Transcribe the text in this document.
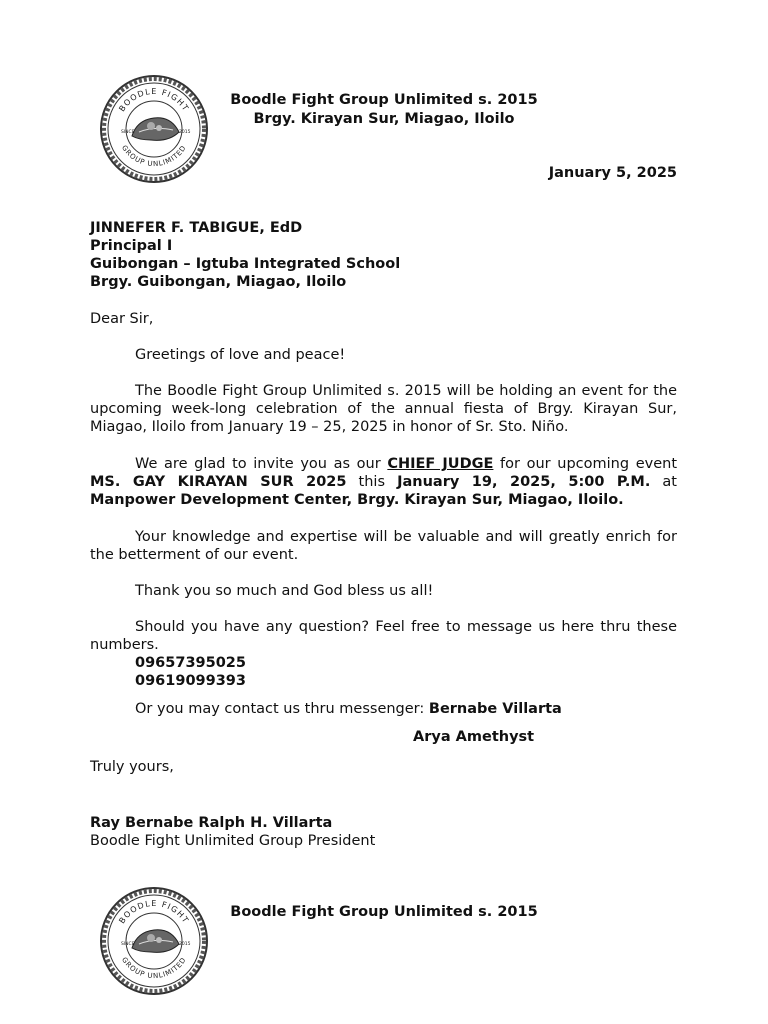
BOODLE FIGHT
GROUP UNLIMITED
SINCE	2015
Boodle Fight Group Unlimited s. 2015
Brgy. Kirayan Sur, Miagao, Iloilo
January 5, 2025
JINNEFER F. TABIGUE, EdD
Principal I
Guibongan – Igtuba Integrated School
Brgy. Guibongan, Miagao, Iloilo
Dear Sir,

Greetings of love and peace!

The Boodle Fight Group Unlimited s. 2015 will be holding an event for the upcoming week-long celebration of the annual fiesta of Brgy. Kirayan Sur, Miagao, Iloilo from January 19 – 25, 2025 in honor of Sr. Sto. Niño.

We are glad to invite you as our CHIEF JUDGE for our upcoming event MS. GAY KIRAYAN SUR 2025 this January 19, 2025, 5:00 P.M. at Manpower Development Center, Brgy. Kirayan Sur, Miagao, Iloilo.

Your knowledge and expertise will be valuable and will greatly enrich for the betterment of our event.

Thank you so much and God bless us all!

Should you have any question? Feel free to message us here thru these numbers.

09657395025
09619099393
Or you may contact us thru messenger: Bernabe Villarta
Arya Amethyst
Truly yours,
Ray Bernabe Ralph H. Villarta
Boodle Fight Unlimited Group President
BOODLE FIGHT
GROUP UNLIMITED
SINCE	2015
Boodle Fight Group Unlimited s. 2015
